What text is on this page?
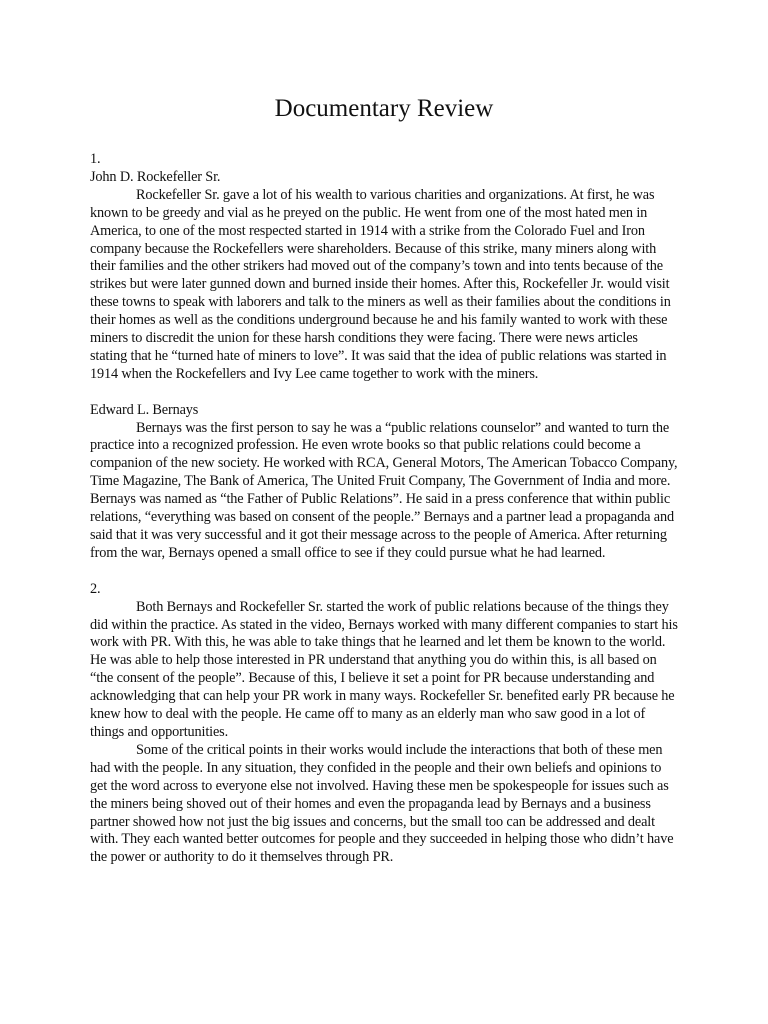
Documentary Review

1.

John D. Rockefeller Sr.

Rockefeller Sr. gave a lot of his wealth to various charities and organizations. At first, he was known to be greedy and vial as he preyed on the public. He went from one of the most hated men in America, to one of the most respected started in 1914 with a strike from the Colorado Fuel and Iron company because the Rockefellers were shareholders. Because of this strike, many miners along with their families and the other strikers had moved out of the company’s town and into tents because of the strikes but were later gunned down and burned inside their homes. After this, Rockefeller Jr. would visit these towns to speak with laborers and talk to the miners as well as their families about the conditions in their homes as well as the conditions underground because he and his family wanted to work with these miners to discredit the union for these harsh conditions they were facing. There were news articles stating that he “turned hate of miners to love”. It was said that the idea of public relations was started in 1914 when the Rockefellers and Ivy Lee came together to work with the miners.

Edward L. Bernays

Bernays was the first person to say he was a “public relations counselor” and wanted to turn the practice into a recognized profession. He even wrote books so that public relations could become a companion of the new society. He worked with RCA, General Motors, The American Tobacco Company, Time Magazine, The Bank of America, The United Fruit Company, The Government of India and more. Bernays was named as “the Father of Public Relations”. He said in a press conference that within public relations, “everything was based on consent of the people.” Bernays and a partner lead a propaganda and said that it was very successful and it got their message across to the people of America. After returning from the war, Bernays opened a small office to see if they could pursue what he had learned.

2.

Both Bernays and Rockefeller Sr. started the work of public relations because of the things they did within the practice. As stated in the video, Bernays worked with many different companies to start his work with PR. With this, he was able to take things that he learned and let them be known to the world. He was able to help those interested in PR understand that anything you do within this, is all based on “the consent of the people”. Because of this, I believe it set a point for PR because understanding and acknowledging that can help your PR work in many ways. Rockefeller Sr. benefited early PR because he knew how to deal with the people. He came off to many as an elderly man who saw good in a lot of things and opportunities.

Some of the critical points in their works would include the interactions that both of these men had with the people. In any situation, they confided in the people and their own beliefs and opinions to get the word across to everyone else not involved. Having these men be spokespeople for issues such as the miners being shoved out of their homes and even the propaganda lead by Bernays and a business partner showed how not just the big issues and concerns, but the small too can be addressed and dealt with. They each wanted better outcomes for people and they succeeded in helping those who didn’t have the power or authority to do it themselves through PR.
